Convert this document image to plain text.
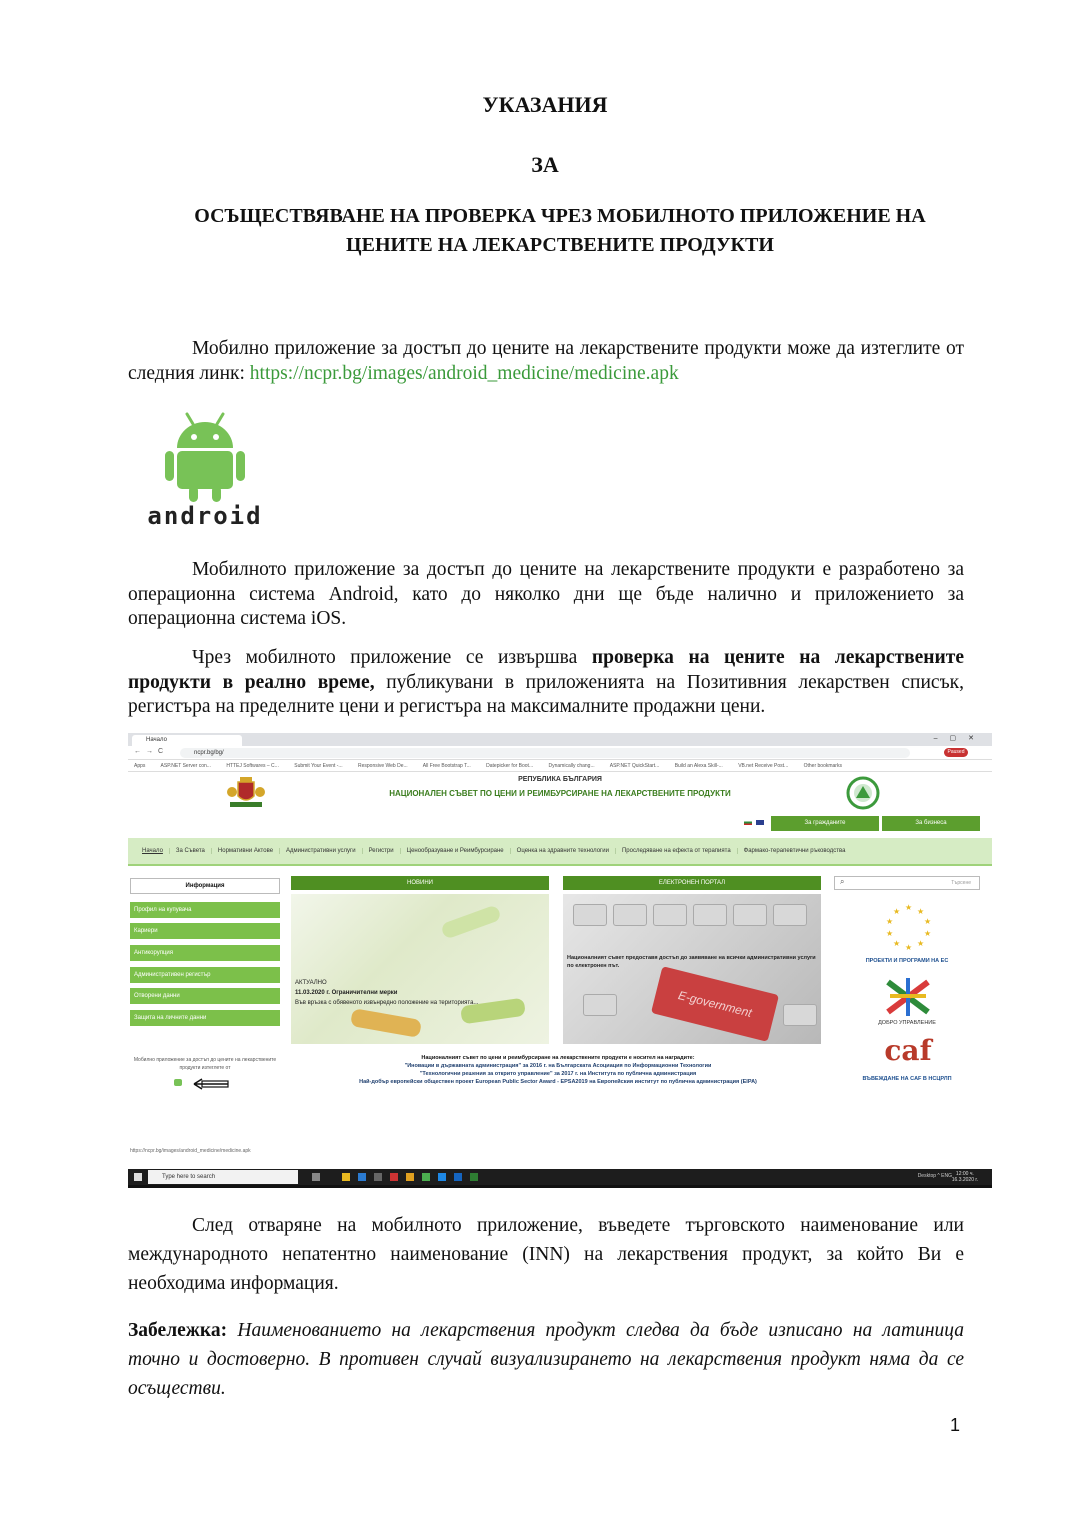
УКАЗАНИЯ
ЗА
ОСЪЩЕСТВЯВАНЕ НА ПРОВЕРКА ЧРЕЗ МОБИЛНОТО ПРИЛОЖЕНИЕ НА
ЦЕНИТЕ НА ЛЕКАРСТВЕНИТЕ ПРОДУКТИ
Мобилно приложение за достъп до цените на лекарствените продукти може да изтеглите от следния линк: https://ncpr.bg/images/android_medicine/medicine.apk
android
Мобилното приложение за достъп до цените на лекарствените продукти е разработено за операционна система Android, като до няколко дни ще бъде налично и приложението за операционна система iOS.
Чрез мобилното приложение се извършва проверка на цените на лекарствените продукти в реално време, публикувани в приложенията на Позитивния лекарствен списък, регистъра на пределните цени и регистъра на максималните продажни цени.
Начало	–▢✕
←→C	ncpr.bg/bg/	Paused
Apps	ASP.NET Server con...	HTTEJ Softwares – C...	Submit Your Event -...	Responsive Web De...	All Free Bootstrap T...	Datepicker for Boot...	Dynamically chang...	ASP.NET QuickStart...	Build an Alexa Skill-...	VB.net Receive Post...	Other bookmarks
РЕПУБЛИКА БЪЛГАРИЯ
НАЦИОНАЛЕН СЪВЕТ ПО ЦЕНИ И РЕИМБУРСИРАНЕ НА ЛЕКАРСТВЕНИТЕ ПРОДУКТИ
За гражданите	За бизнеса
Начало	За Съвета	Нормативни Актове	Административни услуги	Регистри	Ценообразуване и Реимбурсиране	Оценка на здравните технологии	Проследяване на ефекта от терапията	Фармако-терапевтични ръководства
Информация
Профил на купувача
Кариери
Антикорупция
Административен регистър
Отворени данни
Защита на личните данни
Мобилно приложение за достъп до цените на лекарствените продукти изтеглете от
НОВИНИ	ЕЛЕКТРОНЕН ПОРТАЛ
АКТУАЛНО
11.03.2020 г. Ограничителни мерки
Във връзка с обявеното извънредно положение на територията...
Националният съвет предоставя достъп до заявяване на всички административни услуги по електронен път.
E-government
Търсене
⌕
★ ★
★
★
★
★
★
★
★
★
ПРОЕКТИ И ПРОГРАМИ НА ЕС
ДОБРО УПРАВЛЕНИЕ
caf
ВЪВЕЖДАНЕ НА CAF В НСЦРЛП
Националният съвет по цени и реимбурсиране на лекарствените продукти е носител на наградите:
"Иновации в държавната администрация" за 2016 г. на Българската Асоциация по Информационни Технологии
"Технологични решения за открито управление" за 2017 г. на Института по публична администрация
Най-добър европейски обществен проект European Public Sector Award - EPSA2019 на Европейския институт по публична администрация (EIPA)
https://ncpr.bg/images/android_medicine/medicine.apk
Type here to search	Desktop ^ ENG 12:00 ч.
16.3.2020 г.
След отваряне на мобилното приложение, въведете търговското наименование или международното непатентно наименование (INN) на лекарствения продукт, за който Ви е необходима информация.
Забележка: Наименованието на лекарствения продукт следва да бъде изписано на латиница точно и достоверно. В противен случай визуализирането на лекарствения продукт няма да се осъществи.
1
